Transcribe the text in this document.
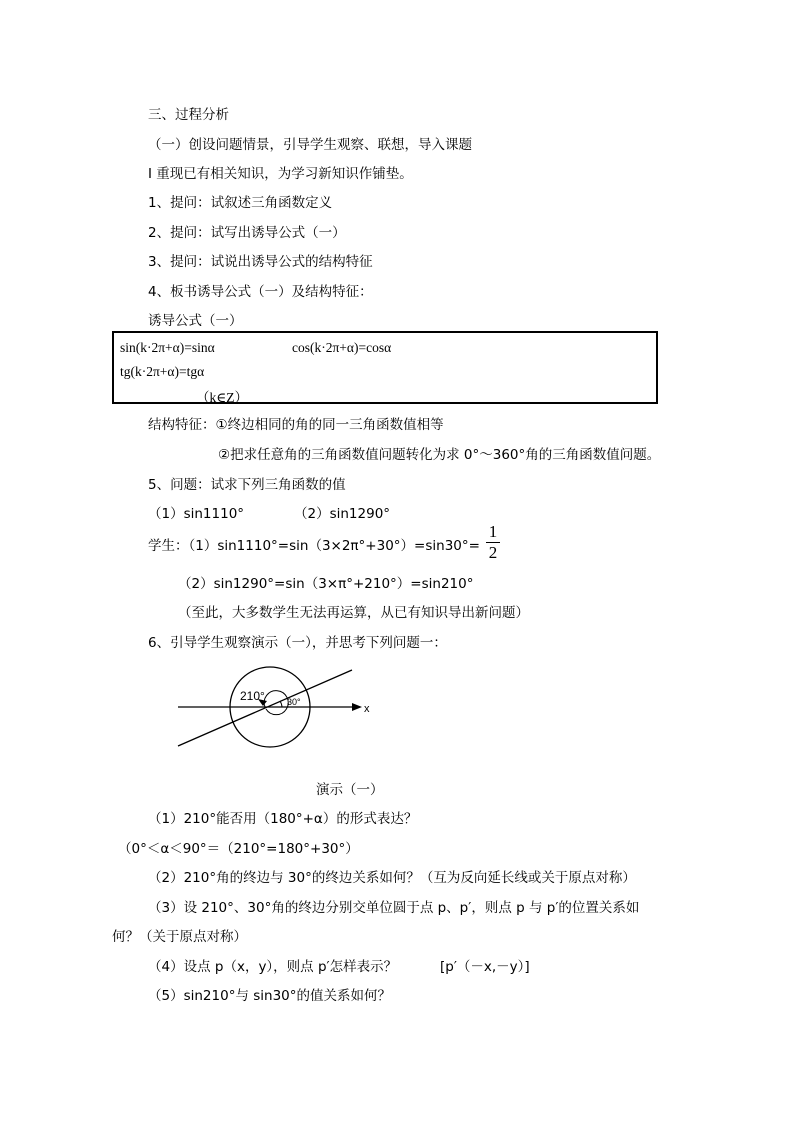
三、过程分析
（一）创设问题情景，引导学生观察、联想，导入课题
I 重现已有相关知识，为学习新知识作铺垫。
1、提问：试叙述三角函数定义
2、提问：试写出诱导公式（一）
3、提问：试说出诱导公式的结构特征
4、板书诱导公式（一）及结构特征：
诱导公式（一）
sin(k·2π+α)=sinα	cos(k·2π+α)=cosα
tg(k·2π+α)=tgα
（k∈Z）
结构特征：①终边相同的角的同一三角函数值相等
②把求任意角的三角函数值问题转化为求 0°～360°角的三角函数值问题。
5、问题：试求下列三角函数的值
（1）sin1110°	（2）sin1290°
学生：（1）sin1110°=sin（3×2π°+30°）=sin30°=
1
2
（2）sin1290°=sin（3×π°+210°）=sin210°
（至此，大多数学生无法再运算，从已有知识导出新问题）
6、引导学生观察演示（一），并思考下列问题一：
210° 30°
x
演示（一）
（1）210°能否用（180°+α）的形式表达？
（0°＜α＜90°＝（210°=180°+30°）
（2）210°角的终边与 30°的终边关系如何？（互为反向延长线或关于原点对称）
（3）设 210°、30°角的终边分别交单位圆于点 p、p′，则点 p 与 p′的位置关系如
何？（关于原点对称）
（4）设点 p（x，y），则点 p′怎样表示？	[p′（－x,－y）]
（5）sin210°与 sin30°的值关系如何？
